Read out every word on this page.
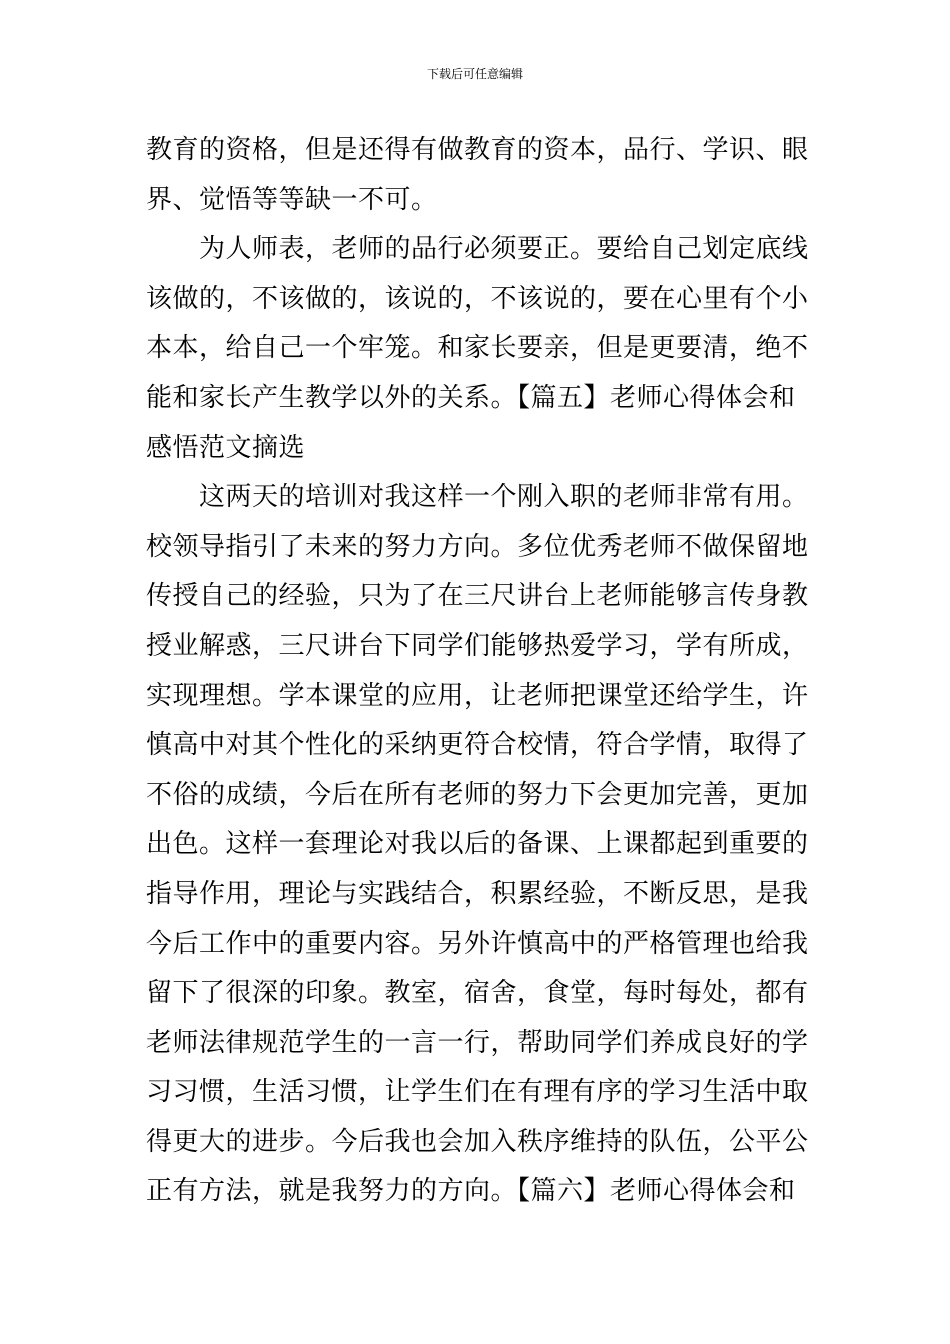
下载后可任意编辑
教育的资格，但是还得有做教育的资本，品行、学识、眼
界、觉悟等等缺一不可。
　　为人师表，老师的品行必须要正。要给自己划定底线
该做的，不该做的，该说的，不该说的，要在心里有个小
本本，给自己一个牢笼。和家长要亲，但是更要清，绝不
能和家长产生教学以外的关系。【篇五】老师心得体会和
感悟范文摘选
　　这两天的培训对我这样一个刚入职的老师非常有用。
校领导指引了未来的努力方向。多位优秀老师不做保留地
传授自己的经验，只为了在三尺讲台上老师能够言传身教
授业解惑，三尺讲台下同学们能够热爱学习，学有所成，
实现理想。学本课堂的应用，让老师把课堂还给学生，许
慎高中对其个性化的采纳更符合校情，符合学情，取得了
不俗的成绩，今后在所有老师的努力下会更加完善，更加
出色。这样一套理论对我以后的备课、上课都起到重要的
指导作用，理论与实践结合，积累经验，不断反思，是我
今后工作中的重要内容。另外许慎高中的严格管理也给我
留下了很深的印象。教室，宿舍，食堂，每时每处，都有
老师法律规范学生的一言一行，帮助同学们养成良好的学
习习惯，生活习惯，让学生们在有理有序的学习生活中取
得更大的进步。今后我也会加入秩序维持的队伍，公平公
正有方法，就是我努力的方向。【篇六】老师心得体会和
